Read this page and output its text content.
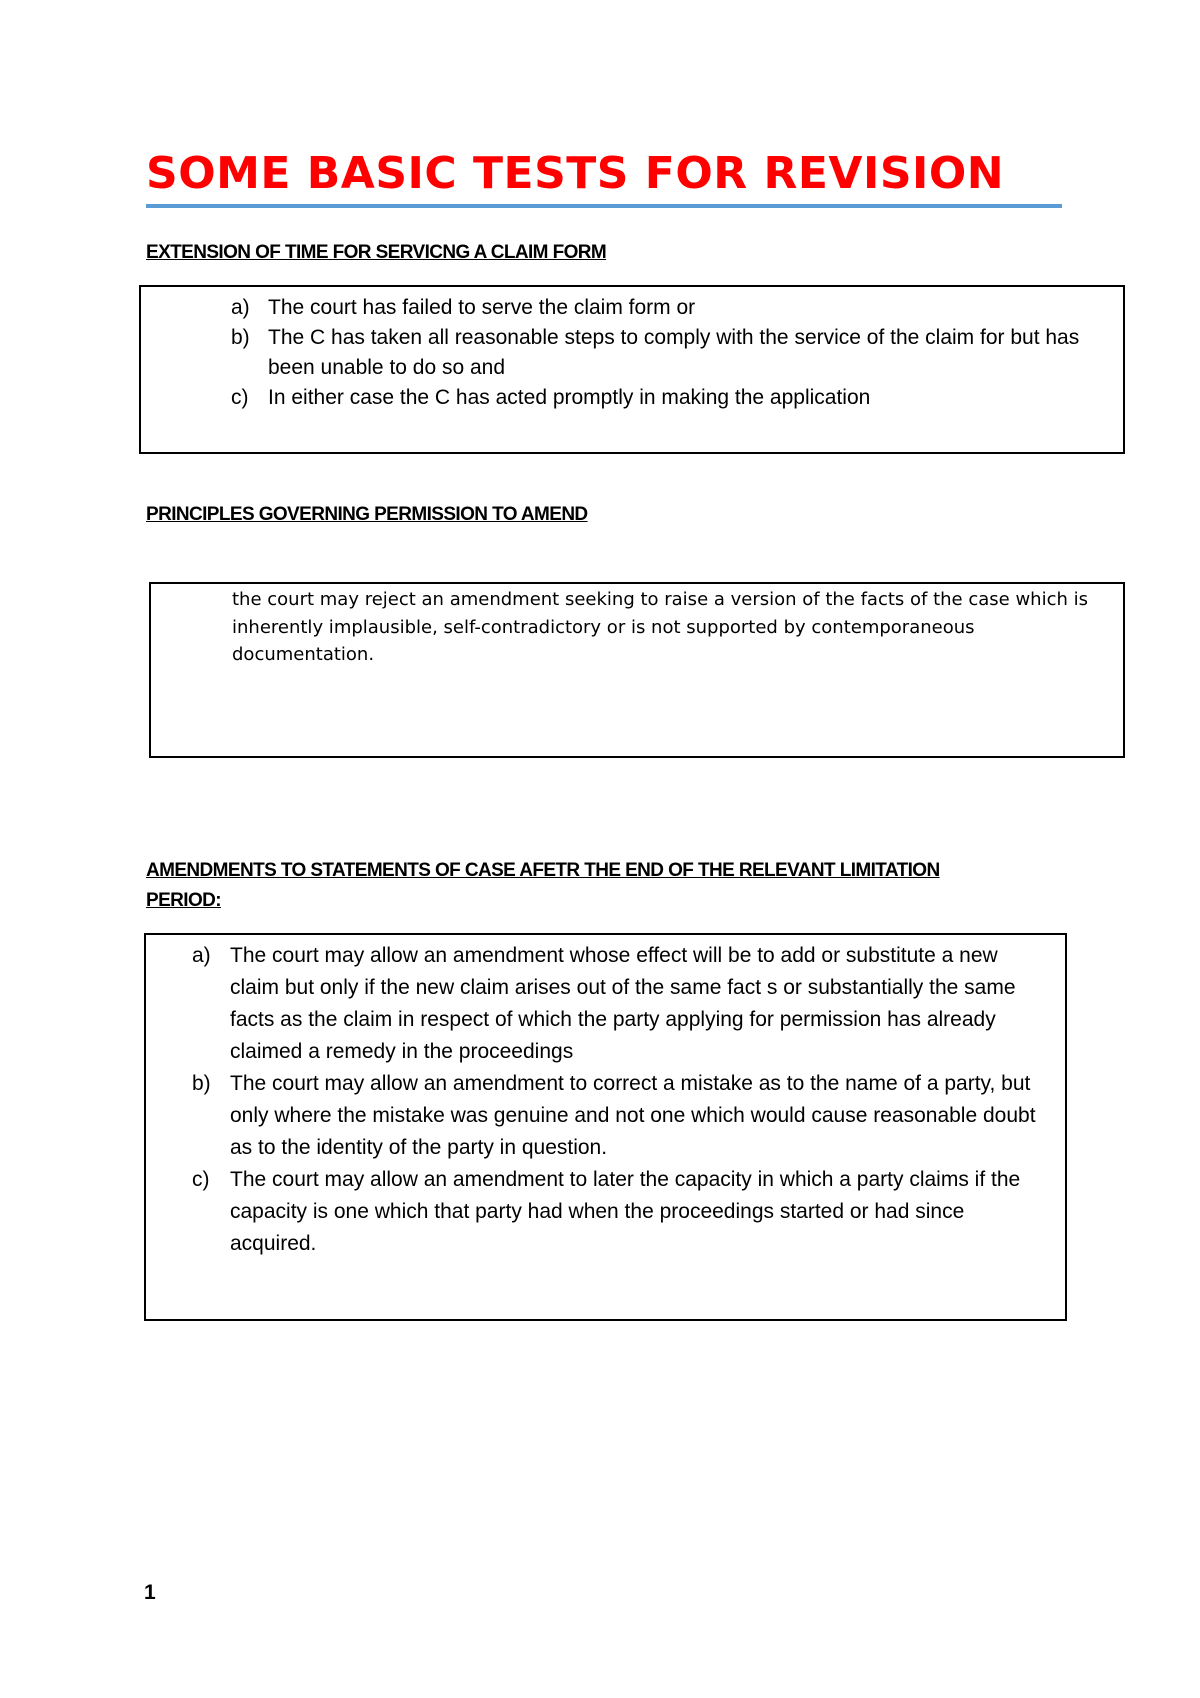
SOME BASIC TESTS FOR REVISION
EXTENSION OF TIME FOR SERVICNG A CLAIM FORM
a) The court has failed to serve the claim form or
b) The C has taken all reasonable steps to comply with the service of the claim for but has been unable to do so and
c) In either case the C has acted promptly in making the application
PRINCIPLES GOVERNING PERMISSION TO AMEND

the court may reject an amendment seeking to raise a version of the facts of the case which is inherently implausible, self-contradictory or is not supported by contemporaneous documentation.

AMENDMENTS TO STATEMENTS OF CASE AFETR THE END OF THE RELEVANT LIMITATION
PERIOD:
a) The court may allow an amendment whose effect will be to add or substitute a new claim but only if the new claim arises out of the same fact s or substantially the same facts as the claim in respect of which the party applying for permission has already claimed a remedy in the proceedings
b) The court may allow an amendment to correct a mistake as to the name of a party, but only where the mistake was genuine and not one which would cause reasonable doubt as to the identity of the party in question.
c) The court may allow an amendment to later the capacity in which a party claims if the capacity is one which that party had when the proceedings started or had since acquired.
1
